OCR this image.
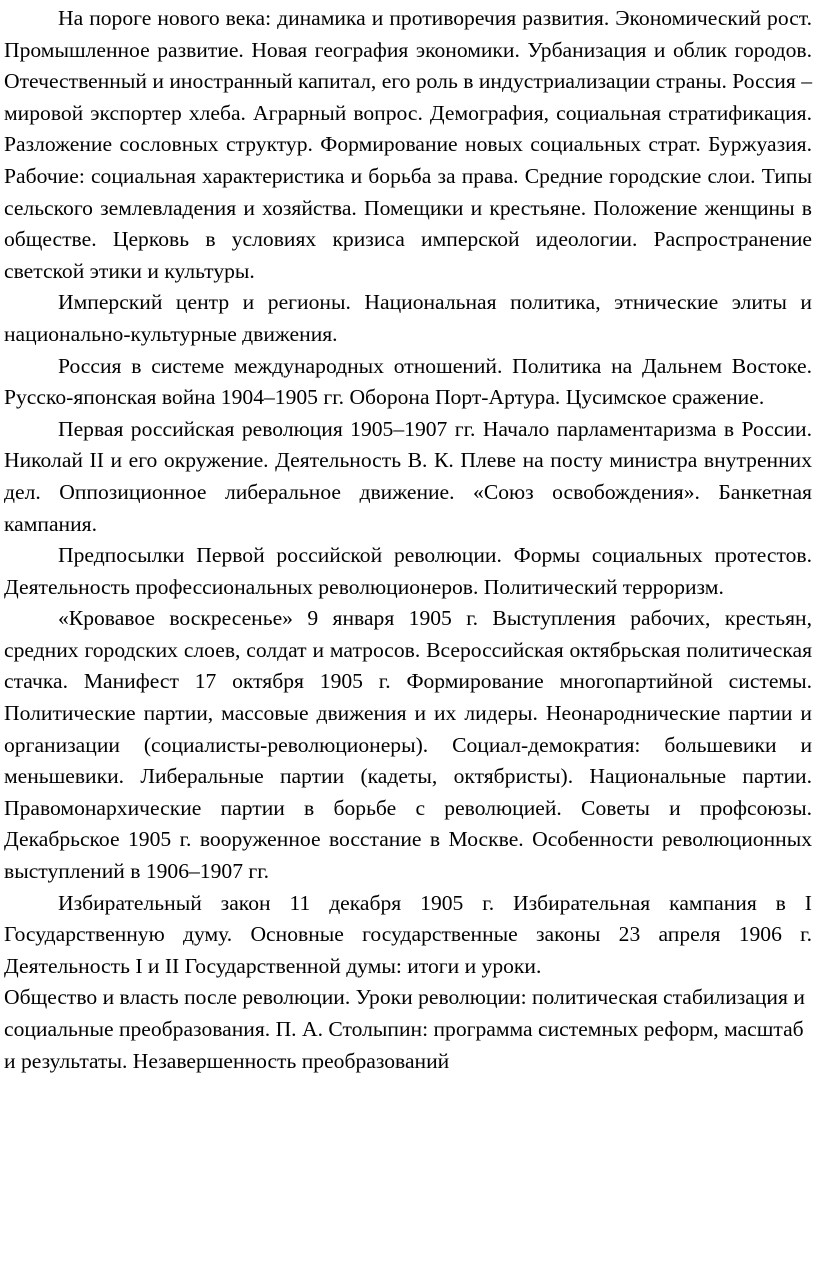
На пороге нового века: динамика и противоречия развития. Экономический рост. Промышленное развитие. Новая география экономики. Урбанизация и облик городов. Отечественный и иностранный капитал, его роль в индустриализации страны. Россия – мировой экспортер хлеба. Аграрный вопрос. Демография, социальная стратификация. Разложение сословных структур. Формирование новых социальных страт. Буржуазия. Рабочие: социальная характеристика и борьба за права. Средние городские слои. Типы сельского землевладения и хозяйства. Помещики и крестьяне. Положение женщины в обществе. Церковь в условиях кризиса имперской идеологии. Распространение светской этики и культуры.

Имперский центр и регионы. Национальная политика, этнические элиты и национально-культурные движения.

Россия в системе международных отношений. Политика на Дальнем Востоке. Русско-японская война 1904–1905 гг. Оборона Порт-Артура. Цусимское сражение.

Первая российская революция 1905–1907 гг. Начало парламентаризма в России. Николай II и его окружение. Деятельность В. К. Плеве на посту министра внутренних дел. Оппозиционное либеральное движение. «Союз освобождения». Банкетная кампания.

Предпосылки Первой российской революции. Формы социальных протестов. Деятельность профессиональных революционеров. Политический терроризм.

«Кровавое воскресенье» 9 января 1905 г. Выступления рабочих, крестьян, средних городских слоев, солдат и матросов. Всероссийская октябрьская политическая стачка. Манифест 17 октября 1905 г. Формирование многопартийной системы. Политические партии, массовые движения и их лидеры. Неонароднические партии и организации (социалисты-революционеры). Социал-демократия: большевики и меньшевики. Либеральные партии (кадеты, октябристы). Национальные партии. Правомонархические партии в борьбе с революцией. Советы и профсоюзы. Декабрьское 1905 г. вооруженное восстание в Москве. Особенности революционных выступлений в 1906–1907 гг.

Избирательный закон 11 декабря 1905 г. Избирательная кампания в I Государственную думу. Основные государственные законы 23 апреля 1906 г. Деятельность I и II Государственной думы: итоги и уроки.

Общество и власть после революции. Уроки революции: политическая стабилизация и социальные преобразования. П. А. Столыпин: программа системных реформ, масштаб и результаты. Незавершенность преобразований
